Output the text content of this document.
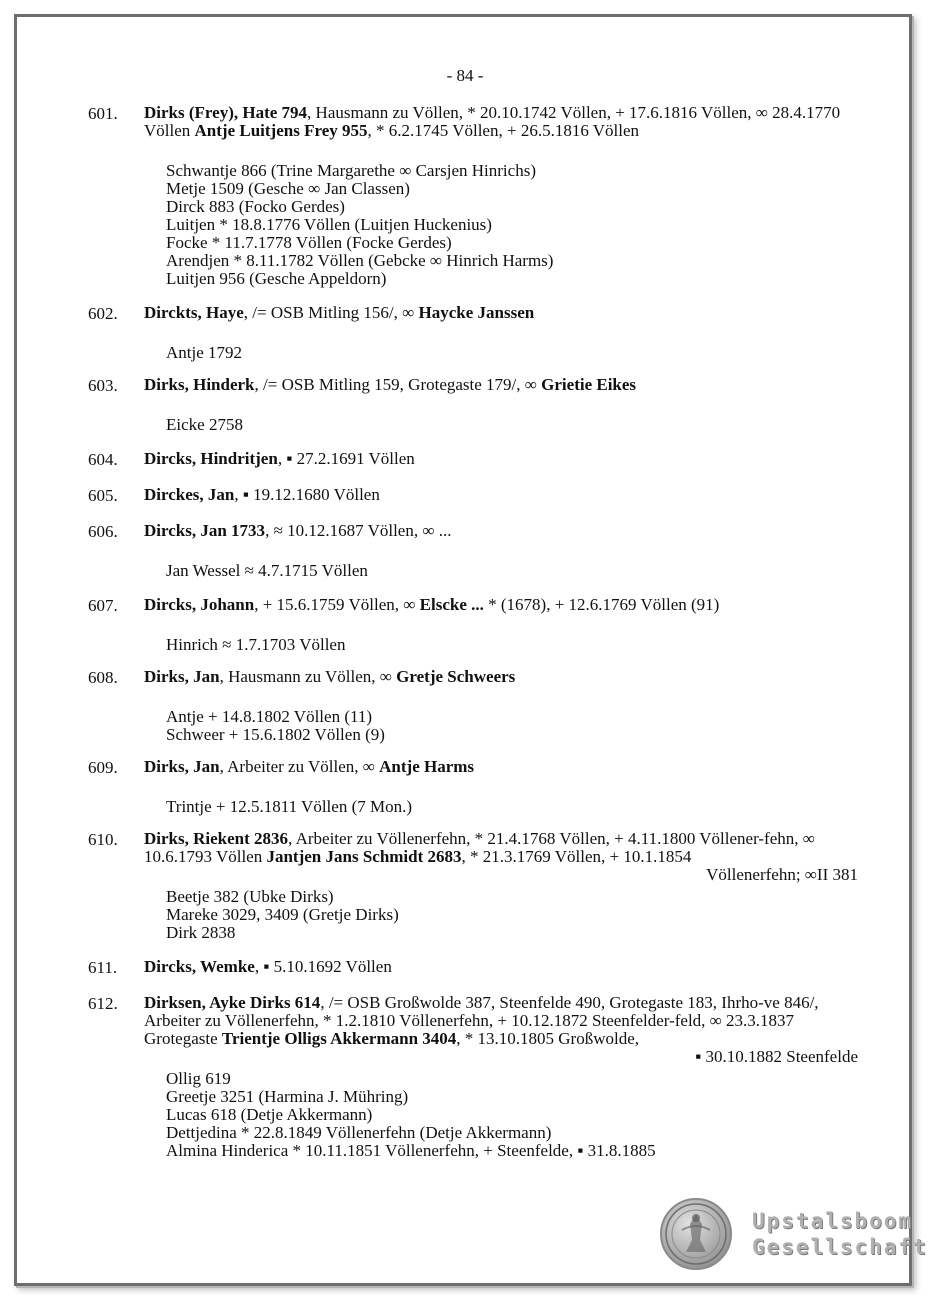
- 84 -
601. Dirks (Frey), Hate 794, Hausmann zu Völlen, * 20.10.1742 Völlen, + 17.6.1816 Völlen, ∞ 28.4.1770 Völlen Antje Luitjens Frey 955, * 6.2.1745 Völlen, + 26.5.1816 Völlen
Schwantje 866 (Trine Margarethe ∞ Carsjen Hinrichs)
Metje 1509 (Gesche ∞ Jan Classen)
Dirck 883 (Focko Gerdes)
Luitjen * 18.8.1776 Völlen (Luitjen Huckenius)
Focke * 11.7.1778 Völlen (Focke Gerdes)
Arendjen * 8.11.1782 Völlen (Gebcke ∞ Hinrich Harms)
Luitjen 956 (Gesche Appeldorn)
602. Dirckts, Haye, /= OSB Mitling 156/, ∞ Haycke Janssen
Antje 1792
603. Dirks, Hinderk, /= OSB Mitling 159, Grotegaste 179/, ∞ Grietie Eikes
Eicke 2758
604. Dircks, Hindritjen, ▪ 27.2.1691 Völlen
605. Dirckes, Jan, ▪ 19.12.1680 Völlen
606. Dircks, Jan 1733, ≈ 10.12.1687 Völlen, ∞ ...
Jan Wessel ≈ 4.7.1715 Völlen
607. Dircks, Johann, + 15.6.1759 Völlen, ∞ Elscke ... * (1678), + 12.6.1769 Völlen (91)
Hinrich ≈ 1.7.1703 Völlen
608. Dirks, Jan, Hausmann zu Völlen, ∞ Gretje Schweers
Antje + 14.8.1802 Völlen (11)
Schweer + 15.6.1802 Völlen (9)
609. Dirks, Jan, Arbeiter zu Völlen, ∞ Antje Harms
Trintje + 12.5.1811 Völlen (7 Mon.)
610. Dirks, Riekent 2836, Arbeiter zu Völlenerfehn, * 21.4.1768 Völlen, + 4.11.1800 Völlener-fehn, ∞ 10.6.1793 Völlen Jantjen Jans Schmidt 2683, * 21.3.1769 Völlen, + 10.1.1854
Völlenerfehn; ∞II 381
Beetje 382 (Ubke Dirks)
Mareke 3029, 3409 (Gretje Dirks)
Dirk 2838
611. Dircks, Wemke, ▪ 5.10.1692 Völlen
612. Dirksen, Ayke Dirks 614, /= OSB Großwolde 387, Steenfelde 490, Grotegaste 183, Ihrho-ve 846/, Arbeiter zu Völlenerfehn, * 1.2.1810 Völlenerfehn, + 10.12.1872 Steenfelder-feld, ∞ 23.3.1837 Grotegaste Trientje Olligs Akkermann 3404, * 13.10.1805 Großwolde,
▪ 30.10.1882 Steenfelde
Ollig 619
Greetje 3251 (Harmina J. Mühring)
Lucas 618 (Detje Akkermann)
Dettjedina * 22.8.1849 Völlenerfehn (Detje Akkermann)
Almina Hinderica * 10.11.1851 Völlenerfehn, + Steenfelde, ▪ 31.8.1885
Upstalsboom
Gesellschaft
